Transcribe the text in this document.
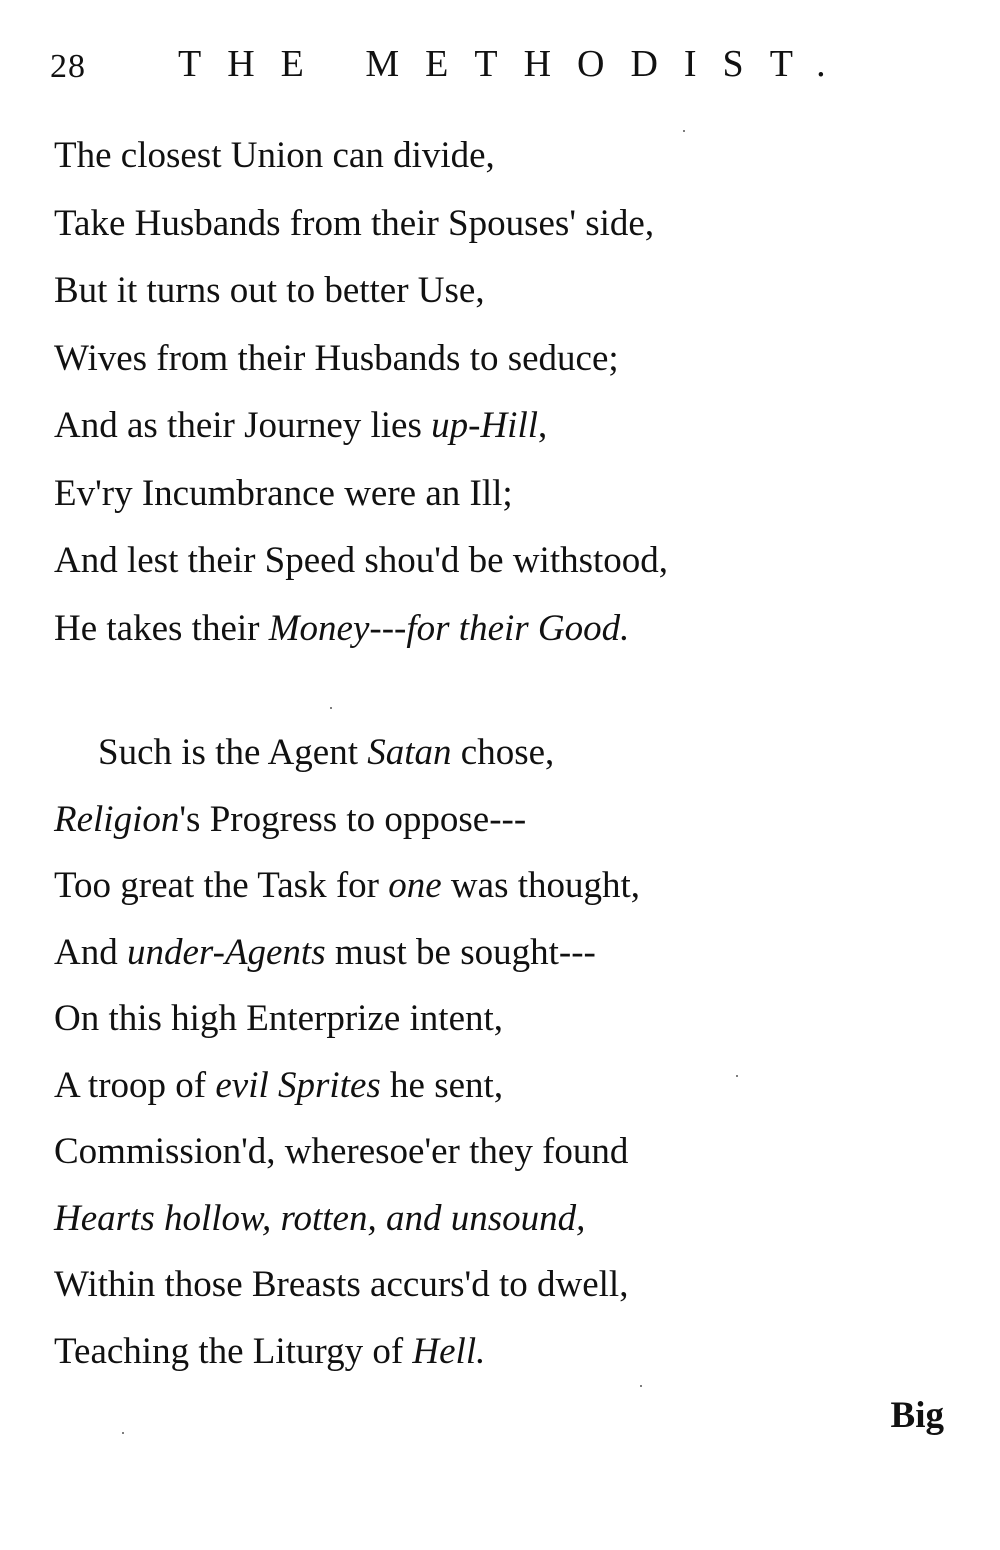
28 THE METHODIST.
The closest Union can divide,
Take Husbands from their Spouses' side,
But it turns out to better Use,
Wives from their Husbands to seduce;
And as their Journey lies up-Hill,
Ev'ry Incumbrance were an Ill;
And lest their Speed shou'd be withstood,
He takes their Money---for their Good.
Such is the Agent Satan chose,
Religion's Progress to oppose---
Too great the Task for one was thought,
And under-Agents must be sought---
On this high Enterprize intent,
A troop of evil Sprites he sent,
Commission'd, wheresoe'er they found
Hearts hollow, rotten, and unsound,
Within those Breasts accurs'd to dwell,
Teaching the Liturgy of Hell.
Big
